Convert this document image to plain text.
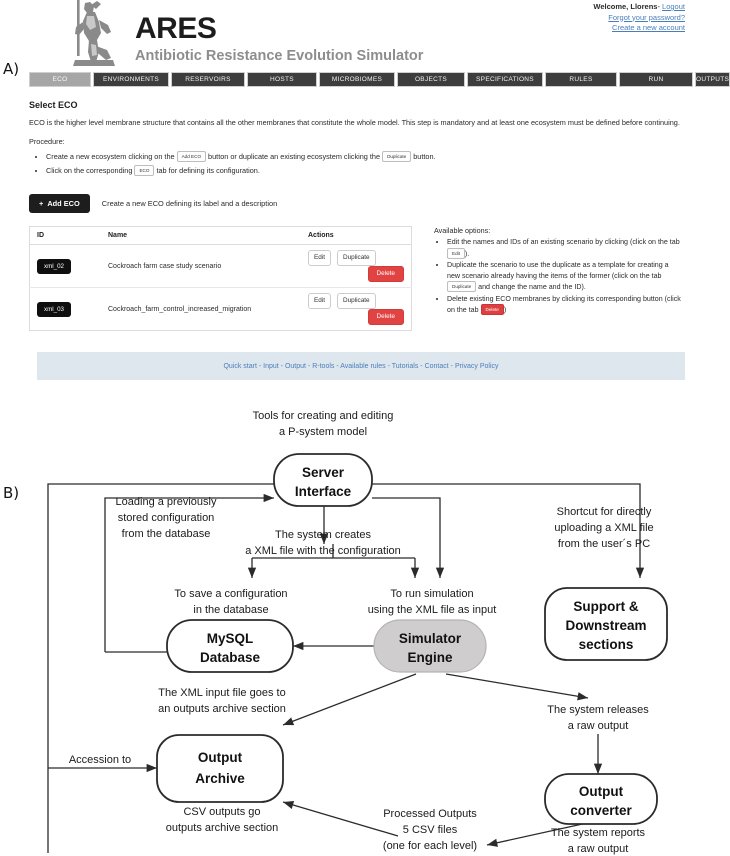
A)
B)
ARES
Antibiotic Resistance Evolution Simulator
Welcome, Llorens- Logout
Forgot your password?
Create a new account
ECO	ENVIRONMENTS	RESERVOIRS	HOSTS	MICROBIOMES	OBJECTS	SPECIFICATIONS	RULES	RUN	OUTPUTS
Select ECO
ECO is the higher level membrane structure that contains all the other membranes that constitute the whole model. This step is mandatory and at least one ecosystem must be defined before continuing.
Procedure:
• Create a new ecosystem clicking on the Add ECO button or duplicate an existing ecosystem clicking the Duplicate button.
• Click on the corresponding ECO tab for defining its configuration.
+ Add ECO	Create a new ECO defining its label and a description
ID	Name	Actions
xml_02	Cockroach farm case study scenario	Edit Duplicate
Delete

xml_03	Cockroach_farm_control_increased_migration	Edit Duplicate
Delete
Available options:
• Edit the names and IDs of an existing scenario by clicking (click on the tab Edit ).
• Duplicate the scenario to use the duplicate as a template for creating a new scenario already having the items of the former (click on the tab Duplicate and change the name and the ID).
• Delete existing ECO membranes by clicking its corresponding button (click on the tab Delete )
Quick start - Input - Output - R-tools - Available rules - Tutorials - Contact - Privacy Policy
Server
Interface
MySQL
Database
Simulator
Engine
Support &
Downstream
sections
Output
Archive
Output
converter
Tools for creating and editing
a P-system model
Loading a previously
stored configuration
from the database	The system creates
a XML file with the configuration
Shortcut for directly
uploading a XML file
from the user´s PC
To save a configuration
in the database
To run simulation
using the XML file as input
The XML input file goes to
an outputs archive section	The system releases
a raw output
Accession to
CSV outputs go
outputs archive section
Processed Outputs
5 CSV files
(one for each level)
The system reports
a raw output
